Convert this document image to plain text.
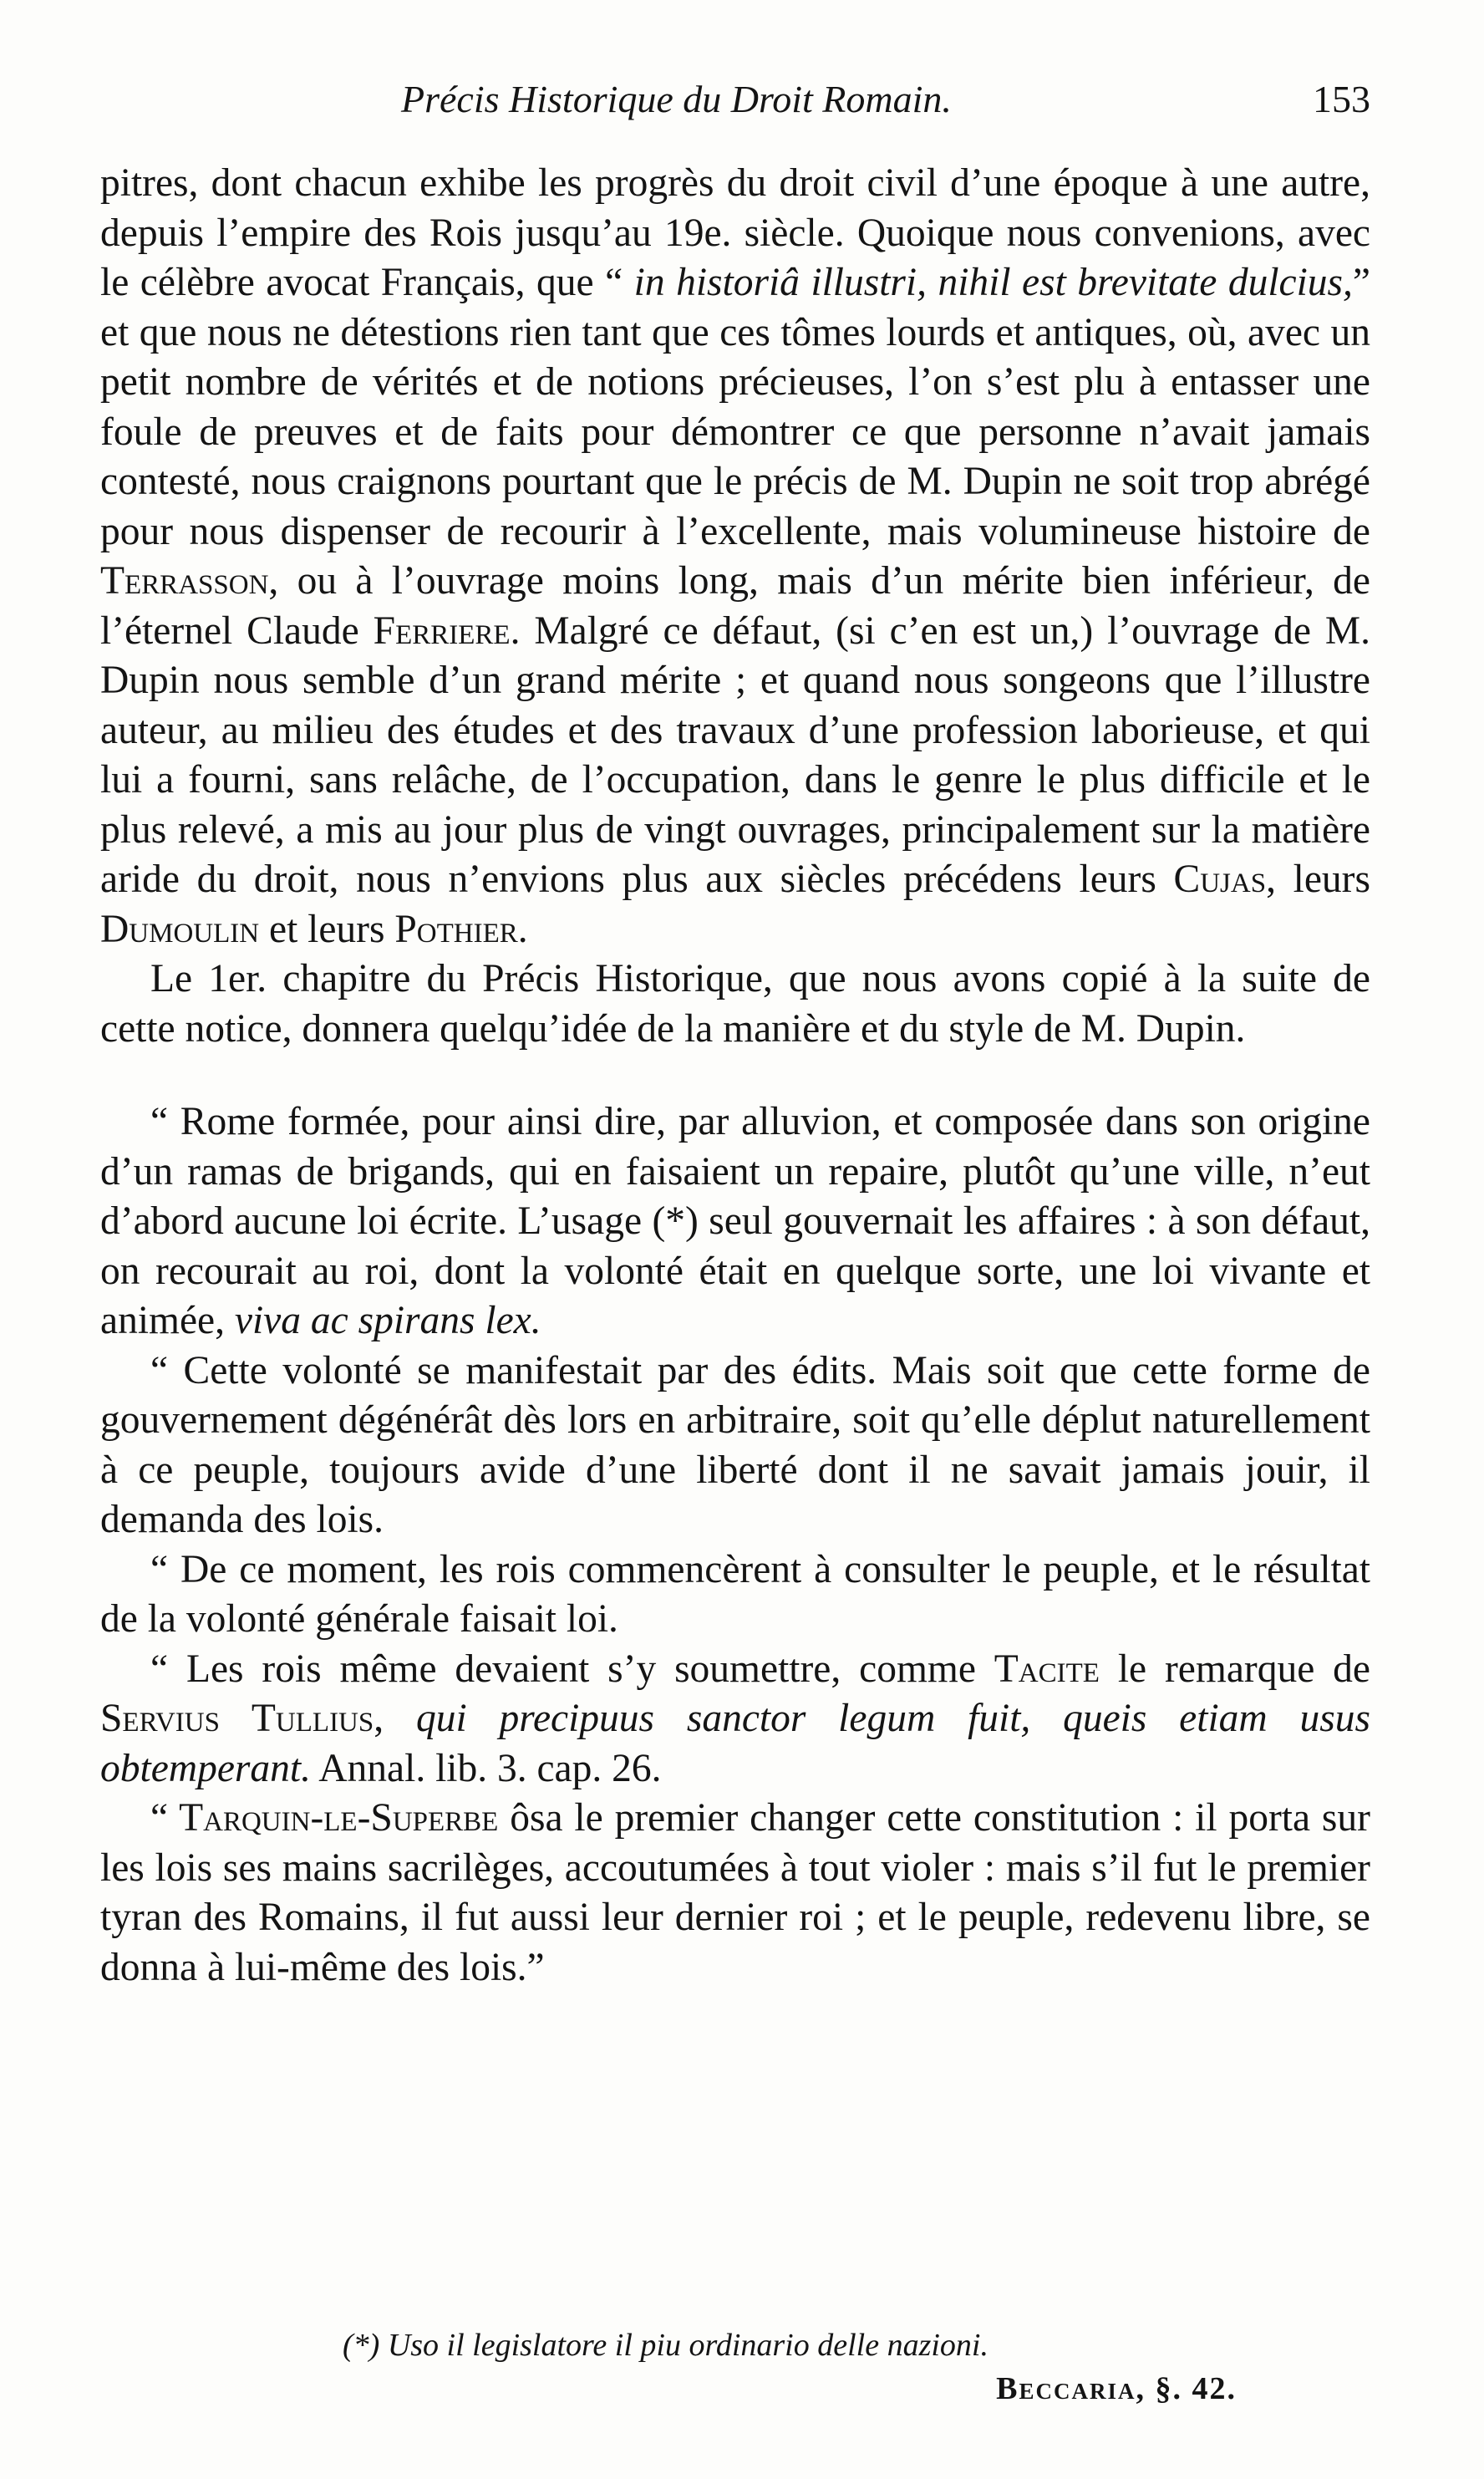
Précis Historique du Droit Romain.	153

pitres, dont chacun exhibe les progrès du droit civil d’une époque à une autre, depuis l’empire des Rois jusqu’au 19e. siècle. Quoique nous convenions, avec le célèbre avocat Français, que “ in historiâ illustri, nihil est brevitate dulcius,” et que nous ne détestions rien tant que ces tômes lourds et antiques, où, avec un petit nombre de vérités et de notions précieuses, l’on s’est plu à entasser une foule de preuves et de faits pour démontrer ce que personne n’avait jamais contesté, nous craignons pourtant que le précis de M. Dupin ne soit trop abrégé pour nous dispenser de recourir à l’excellente, mais volumineuse histoire de Terrasson, ou à l’ouvrage moins long, mais d’un mérite bien inférieur, de l’éternel Claude Ferriere. Malgré ce défaut, (si c’en est un,) l’ouvrage de M. Dupin nous semble d’un grand mérite ; et quand nous songeons que l’illustre auteur, au milieu des études et des travaux d’une profession laborieuse, et qui lui a fourni, sans relâche, de l’occupation, dans le genre le plus difficile et le plus relevé, a mis au jour plus de vingt ouvrages, principalement sur la matière aride du droit, nous n’envions plus aux siècles précédens leurs Cujas, leurs Dumoulin et leurs Pothier.

Le 1er. chapitre du Précis Historique, que nous avons copié à la suite de cette notice, donnera quelqu’idée de la manière et du style de M. Dupin.

“ Rome formée, pour ainsi dire, par alluvion, et composée dans son origine d’un ramas de brigands, qui en faisaient un repaire, plutôt qu’une ville, n’eut d’abord aucune loi écrite. L’usage (*) seul gouvernait les affaires : à son défaut, on recourait au roi, dont la volonté était en quelque sorte, une loi vivante et animée, viva ac spirans lex.

“ Cette volonté se manifestait par des édits. Mais soit que cette forme de gouvernement dégénérât dès lors en arbitraire, soit qu’elle déplut naturellement à ce peuple, toujours avide d’une liberté dont il ne savait jamais jouir, il demanda des lois.

“ De ce moment, les rois commencèrent à consulter le peuple, et le résultat de la volonté générale faisait loi.

“ Les rois même devaient s’y soumettre, comme Tacite le remarque de Servius Tullius, qui precipuus sanctor legum fuit, queis etiam usus obtemperant. Annal. lib. 3. cap. 26.

“ Tarquin-le-Superbe ôsa le premier changer cette constitution : il porta sur les lois ses mains sacrilèges, accoutumées à tout violer : mais s’il fut le premier tyran des Romains, il fut aussi leur dernier roi ; et le peuple, redevenu libre, se donna à lui-même des lois.”

(*) Uso il legislatore il piu ordinario delle nazioni.
Beccaria, §. 42.
